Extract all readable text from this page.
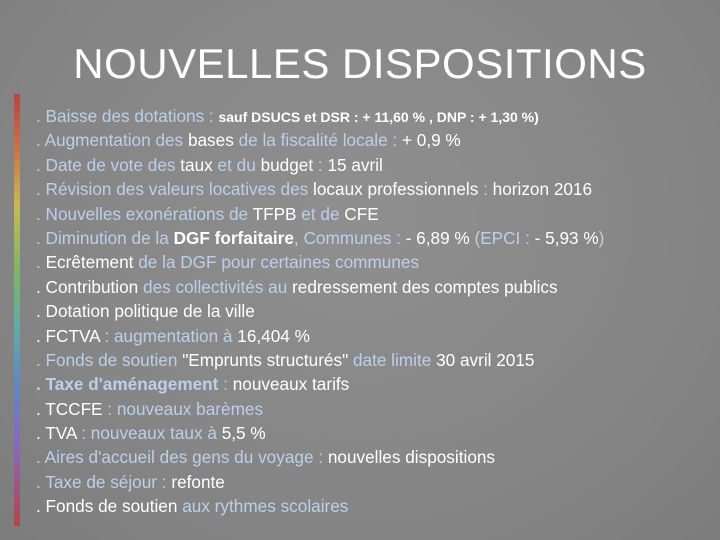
NOUVELLES DISPOSITIONS
. Baisse des dotations : sauf DSUCS et DSR : + 11,60 % , DNP : + 1,30 %)
. Augmentation des bases de la fiscalité locale : + 0,9 %
. Date de vote des taux et du budget : 15 avril
. Révision des valeurs locatives des locaux professionnels : horizon 2016
. Nouvelles exonérations de TFPB et de CFE
. Diminution de la DGF forfaitaire, Communes : - 6,89 % (EPCI : - 5,93 %)
. Ecrêtement de la DGF pour certaines communes
. Contribution des collectivités au redressement des comptes publics
. Dotation politique de la ville
. FCTVA : augmentation à 16,404 %
. Fonds de soutien "Emprunts structurés" date limite 30 avril 2015
. Taxe d'aménagement : nouveaux tarifs
. TCCFE : nouveaux barèmes
. TVA : nouveaux taux à 5,5 %
. Aires d'accueil des gens du voyage : nouvelles dispositions
. Taxe de séjour : refonte
. Fonds de soutien aux rythmes scolaires
